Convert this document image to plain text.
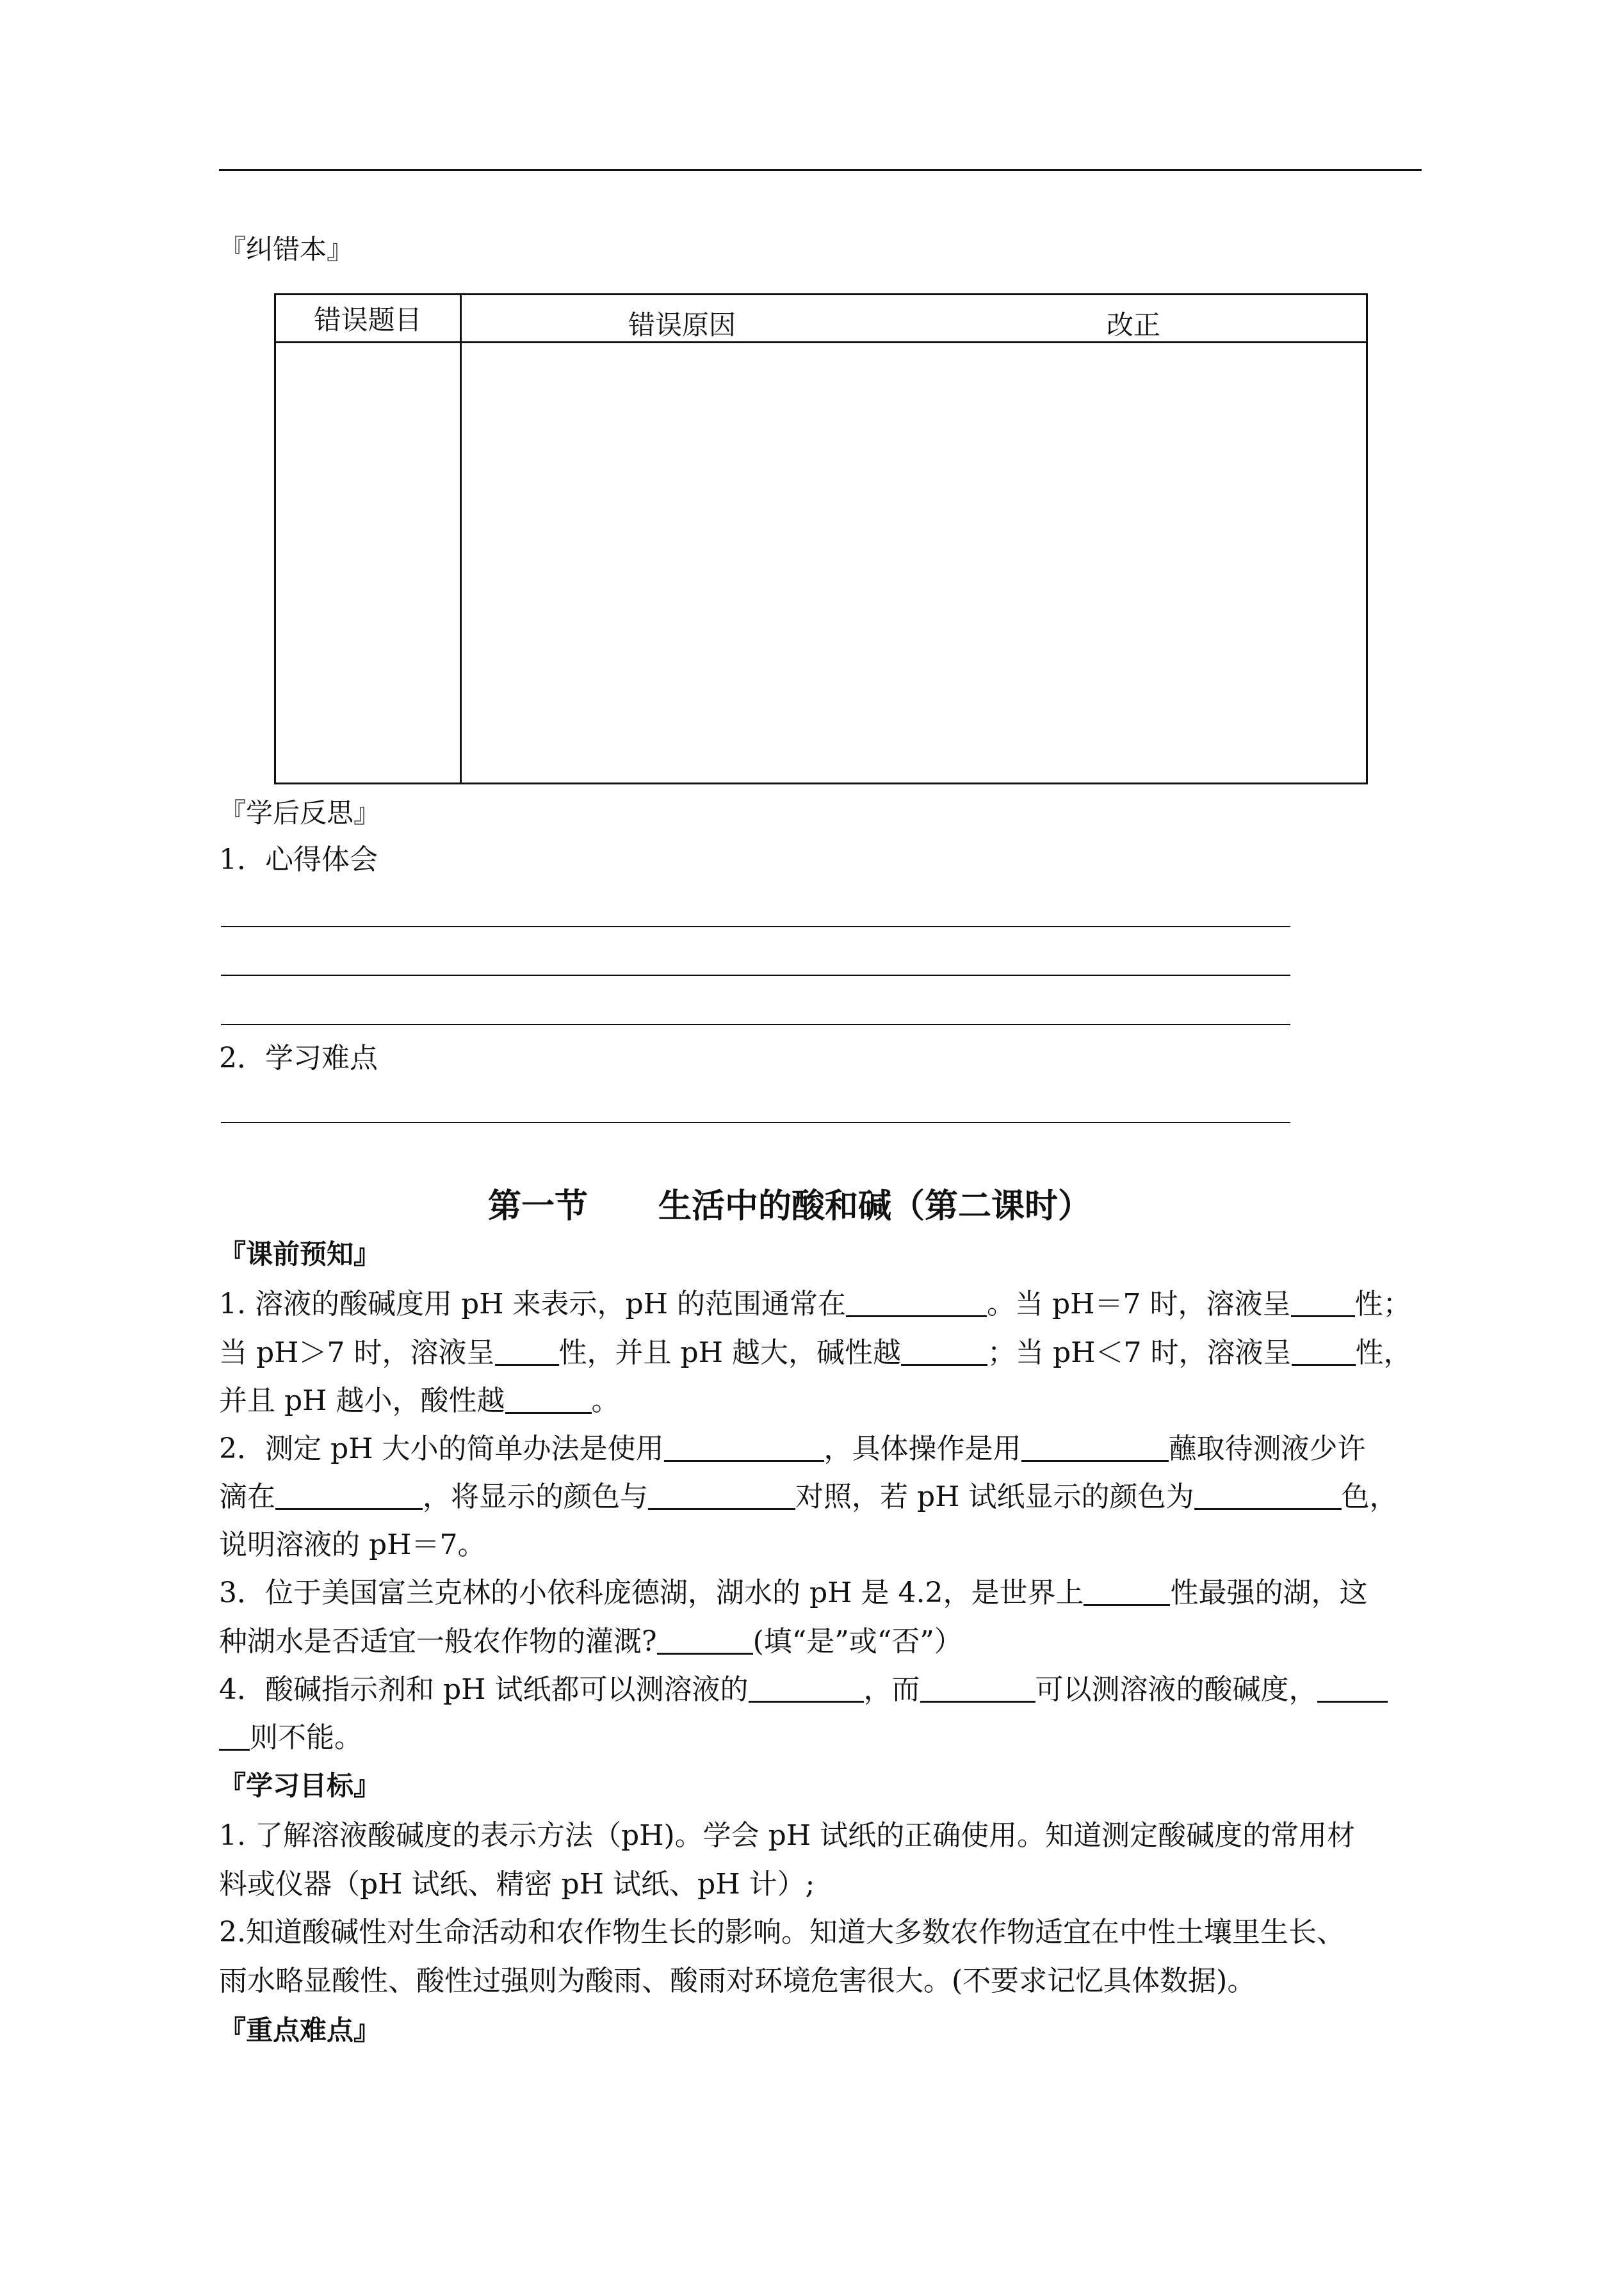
『纠错本』
错误题目	错误原因 改正

『学后反思』
1．心得体会
2．学习难点
第一节 生活中的酸和碱（第二课时）
『课前预知』
1. 溶液的酸碱度用 pH 来表示，pH 的范围通常在	。当 pH＝7 时，溶液呈 性；
当 pH＞7 时，溶液呈 性，并且 pH 越大，碱性越	；当 pH＜7 时，溶液呈 性，
并且 pH 越小，酸性越	。
2．测定 pH 大小的简单办法是使用	，具体操作是用	蘸取待测液少许
滴在	，将显示的颜色与	对照，若 pH 试纸显示的颜色为	色，
说明溶液的 pH＝7。
3．位于美国富兰克林的小依科庞德湖，湖水的 pH 是 4.2，是世界上	性最强的湖，这
种湖水是否适宜一般农作物的灌溉?	(填“是”或“否”）
4．酸碱指示剂和 pH 试纸都可以测溶液的	，而	可以测溶液的酸碱度，
则不能。
『学习目标』
1. 了解溶液酸碱度的表示方法（pH)。学会 pH 试纸的正确使用。知道测定酸碱度的常用材
料或仪器（pH 试纸、精密 pH 试纸、pH 计）;
2.知道酸碱性对生命活动和农作物生长的影响。知道大多数农作物适宜在中性土壤里生长、
雨水略显酸性、酸性过强则为酸雨、酸雨对环境危害很大。(不要求记忆具体数据)。
『重点难点』
